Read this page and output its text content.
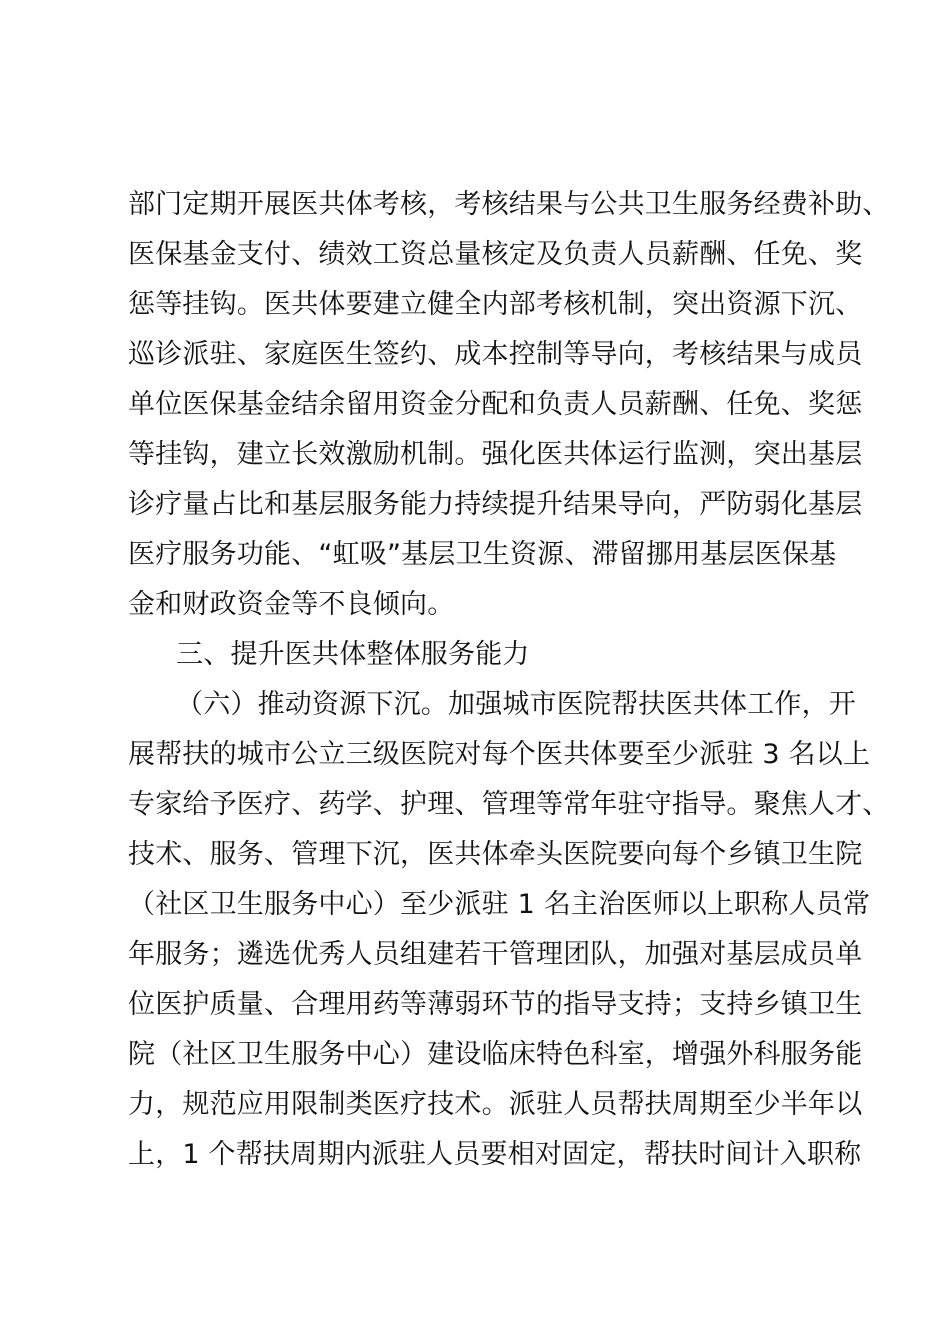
部门定期开展医共体考核，考核结果与公共卫生服务经费补助、
医保基金支付、绩效工资总量核定及负责人员薪酬、任免、奖
惩等挂钩。医共体要建立健全内部考核机制，突出资源下沉、
巡诊派驻、家庭医生签约、成本控制等导向，考核结果与成员
单位医保基金结余留用资金分配和负责人员薪酬、任免、奖惩
等挂钩，建立长效激励机制。强化医共体运行监测，突出基层
诊疗量占比和基层服务能力持续提升结果导向，严防弱化基层
医疗服务功能、“虹吸”基层卫生资源、滞留挪用基层医保基
金和财政资金等不良倾向。
三、提升医共体整体服务能力
（六）推动资源下沉。加强城市医院帮扶医共体工作，开
展帮扶的城市公立三级医院对每个医共体要至少派驻 3 名以上
专家给予医疗、药学、护理、管理等常年驻守指导。聚焦人才、
技术、服务、管理下沉，医共体牵头医院要向每个乡镇卫生院
（社区卫生服务中心）至少派驻 1 名主治医师以上职称人员常
年服务；遴选优秀人员组建若干管理团队，加强对基层成员单
位医护质量、合理用药等薄弱环节的指导支持；支持乡镇卫生
院（社区卫生服务中心）建设临床特色科室，增强外科服务能
力，规范应用限制类医疗技术。派驻人员帮扶周期至少半年以
上，1 个帮扶周期内派驻人员要相对固定，帮扶时间计入职称
